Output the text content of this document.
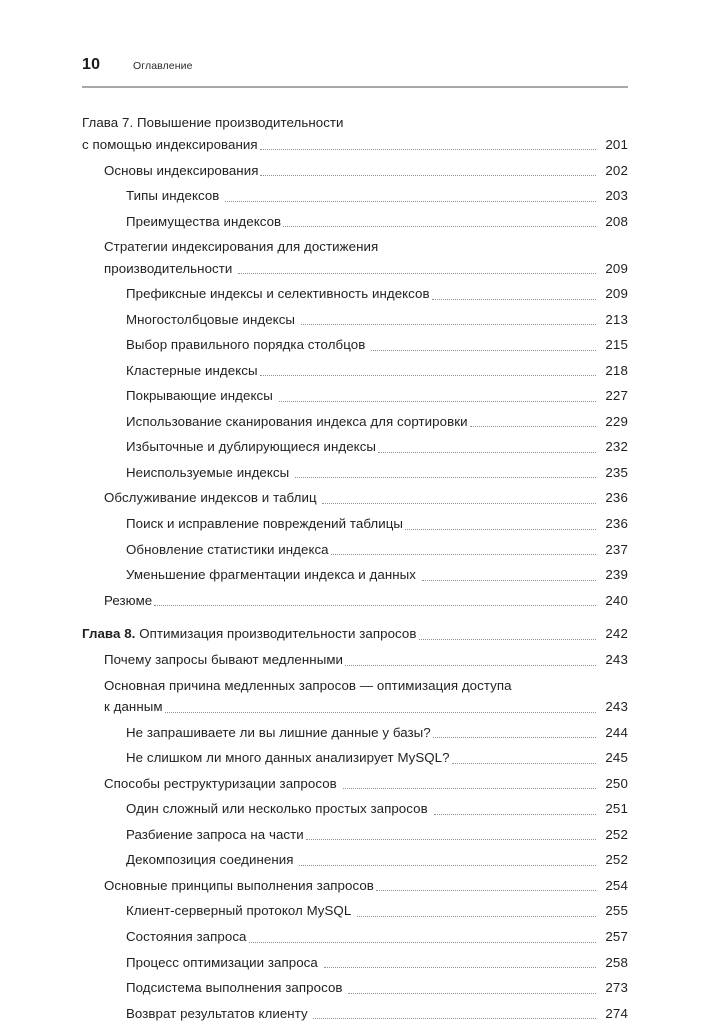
10	Оглавление
Глава 7. Повышение производительности
с помощью индексирования	201
Основы индексирования	202
Типы индексов	203
Преимущества индексов	208
Стратегии индексирования для достижения
производительности	209
Префиксные индексы и селективность индексов	209
Многостолбцовые индексы	213
Выбор правильного порядка столбцов	215
Кластерные индексы	218
Покрывающие индексы	227
Использование сканирования индекса для сортировки	229
Избыточные и дублирующиеся индексы	232
Неиспользуемые индексы	235
Обслуживание индексов и таблиц	236
Поиск и исправление повреждений таблицы	236
Обновление статистики индекса	237
Уменьшение фрагментации индекса и данных	239
Резюме	240
Глава 8. Оптимизация производительности запросов	242
Почему запросы бывают медленными	243
Основная причина медленных запросов — оптимизация доступа
к данным	243
Не запрашиваете ли вы лишние данные у базы?	244
Не слишком ли много данных анализирует MySQL?	245
Способы реструктуризации запросов	250
Один сложный или несколько простых запросов	251
Разбиение запроса на части	252
Декомпозиция соединения	252
Основные принципы выполнения запросов	254
Клиент-серверный протокол MySQL	255
Состояния запроса	257
Процесс оптимизации запроса	258
Подсистема выполнения запросов	273
Возврат результатов клиенту	274
